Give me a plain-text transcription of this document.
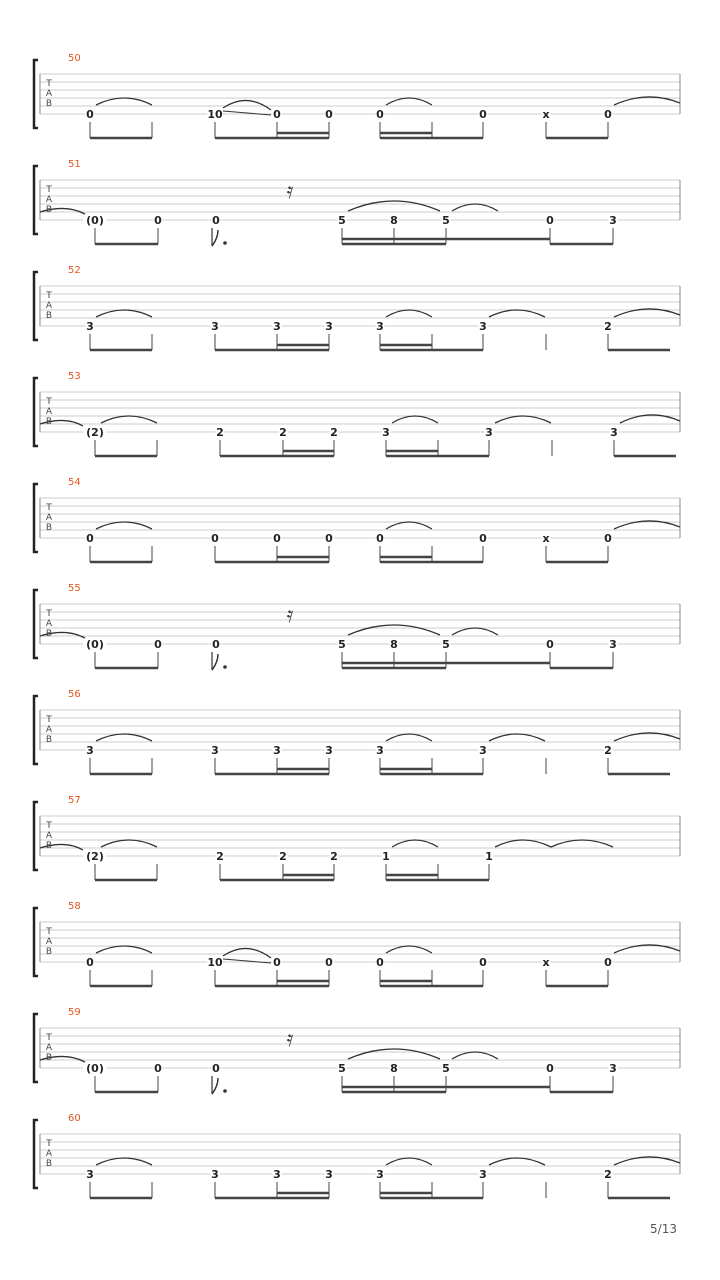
T
A
B
50
0	10	0	0	0	0	x	0
T
A
B
51
(0)	0	0	5	8	5	0	3
𝄿
T
A
B
52
3	3	3	3	3	3	2
T
A
B
53
(2)	2	2	2	3	3	3
T
A
B
54
0	0	0	0	0	0	x	0
T
A
B
55
(0)	0	0	5	8	5	0	3
𝄿
T
A
B
56
3	3	3	3	3	3	2
T
A
B
57
(2)	2	2	2	1	1
T
A
B
58
0	10	0	0	0	0	x	0
T
A
B
59
(0)	0	0	5	8	5	0	3
𝄿
T
A
B
60
3	3	3	3	3	3	2
5/13
